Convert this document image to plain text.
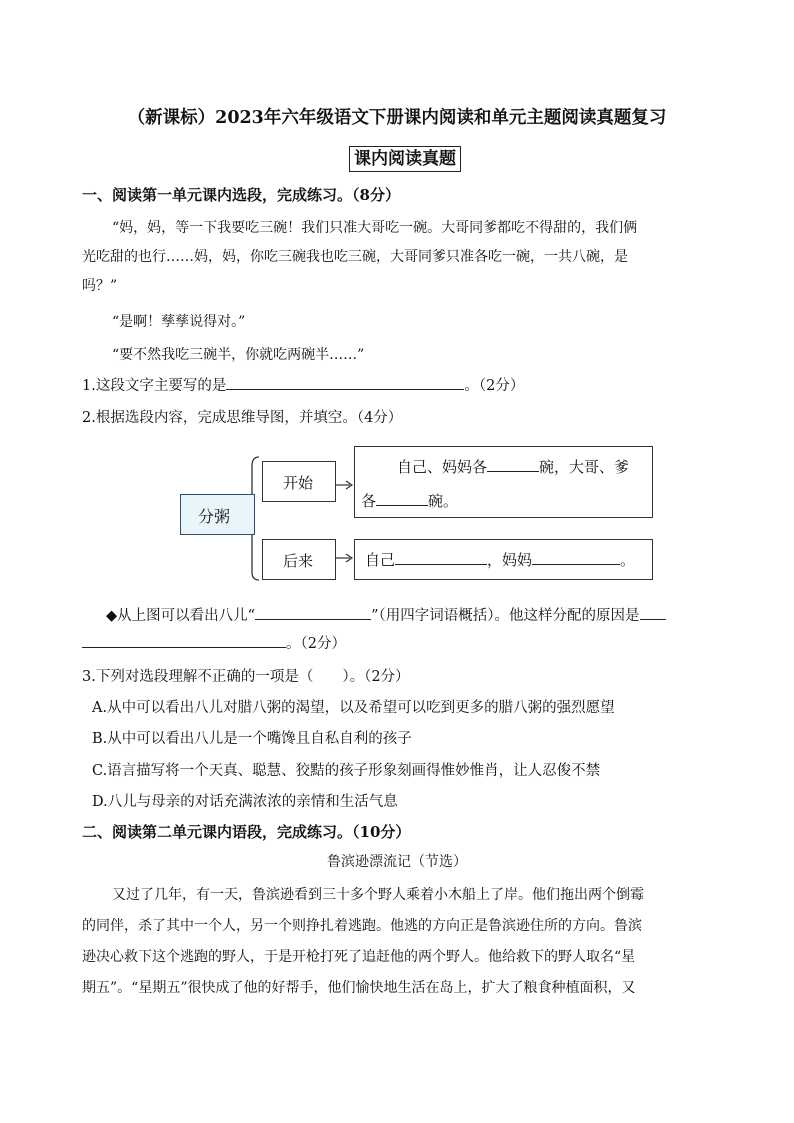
（新课标）2023年六年级语文下册课内阅读和单元主题阅读真题复习
课内阅读真题
一、阅读第一单元课内选段，完成练习。（8分）
“妈，妈，等一下我要吃三碗！我们只准大哥吃一碗。大哥同爹都吃不得甜的，我们俩
光吃甜的也行……妈，妈，你吃三碗我也吃三碗，大哥同爹只准各吃一碗，一共八碗，是
吗？”
“是啊！孳孳说得对。”
“要不然我吃三碗半，你就吃两碗半……”
1.这段文字主要写的是	。（2分）
2.根据选段内容，完成思维导图，并填空。（4分）
分粥
开始
自己、妈妈各	碗，大哥、爹
各	碗。
后来	自己	，妈妈	。
◆从上图可以看出八儿“	”（用四字词语概括）。他这样分配的原因是
。（2分）
3.下列对选段理解不正确的一项是（　　）。（2分）
A.从中可以看出八儿对腊八粥的渴望，以及希望可以吃到更多的腊八粥的强烈愿望
B.从中可以看出八儿是一个嘴馋且自私自利的孩子
C.语言描写将一个天真、聪慧、狡黠的孩子形象刻画得惟妙惟肖，让人忍俊不禁
D.八儿与母亲的对话充满浓浓的亲情和生活气息
二、阅读第二单元课内语段，完成练习。（10分）
鲁滨逊漂流记（节选）
又过了几年，有一天，鲁滨逊看到三十多个野人乘着小木船上了岸。他们拖出两个倒霉
的同伴，杀了其中一个人，另一个则挣扎着逃跑。他逃的方向正是鲁滨逊住所的方向。鲁滨
逊决心救下这个逃跑的野人，于是开枪打死了追赶他的两个野人。他给救下的野人取名“星
期五”。“星期五”很快成了他的好帮手，他们愉快地生活在岛上，扩大了粮食种植面积，又
